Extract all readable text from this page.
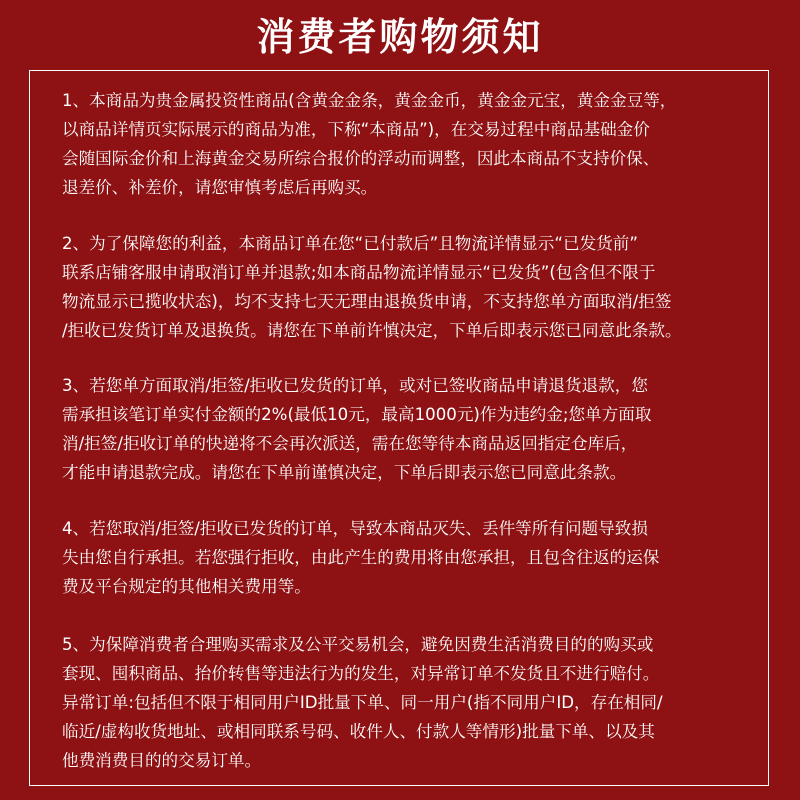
消费者购物须知
1、本商品为贵金属投资性商品(含黄金金条，黄金金币，黄金金元宝，黄金金豆等，
以商品详情页实际展示的商品为准，下称“本商品”)，在交易过程中商品基础金价
会随国际金价和上海黄金交易所综合报价的浮动而调整，因此本商品不支持价保、
退差价、补差价，请您审慎考虑后再购买。
2、为了保障您的利益，本商品订单在您“已付款后”且物流详情显示“已发货前”
联系店铺客服申请取消订单并退款;如本商品物流详情显示“已发货”(包含但不限于
物流显示已揽收状态)，均不支持七天无理由退换货申请，不支持您单方面取消/拒签
/拒收已发货订单及退换货。请您在下单前许慎决定，下单后即表示您已同意此条款。
3、若您单方面取消/拒签/拒收已发货的订单，或对已签收商品申请退货退款，您
需承担该笔订单实付金额的2%(最低10元，最高1000元)作为违约金;您单方面取
消/拒签/拒收订单的快递将不会再次派送，需在您等待本商品返回指定仓库后，
才能申请退款完成。请您在下单前谨慎决定，下单后即表示您已同意此条款。
4、若您取消/拒签/拒收已发货的订单，导致本商品灭失、丢件等所有问题导致损
失由您自行承担。若您强行拒收，由此产生的费用将由您承担，且包含往返的运保
费及平台规定的其他相关费用等。
5、为保障消费者合理购买需求及公平交易机会，避免因费生活消费目的的购买或
套现、囤积商品、抬价转售等违法行为的发生，对异常订单不发货且不进行赔付。
异常订单:包括但不限于相同用户ID批量下单、同一用户(指不同用户ID，存在相同/
临近/虚构收货地址、或相同联系号码、收件人、付款人等情形)批量下单、以及其
他费消费目的的交易订单。
